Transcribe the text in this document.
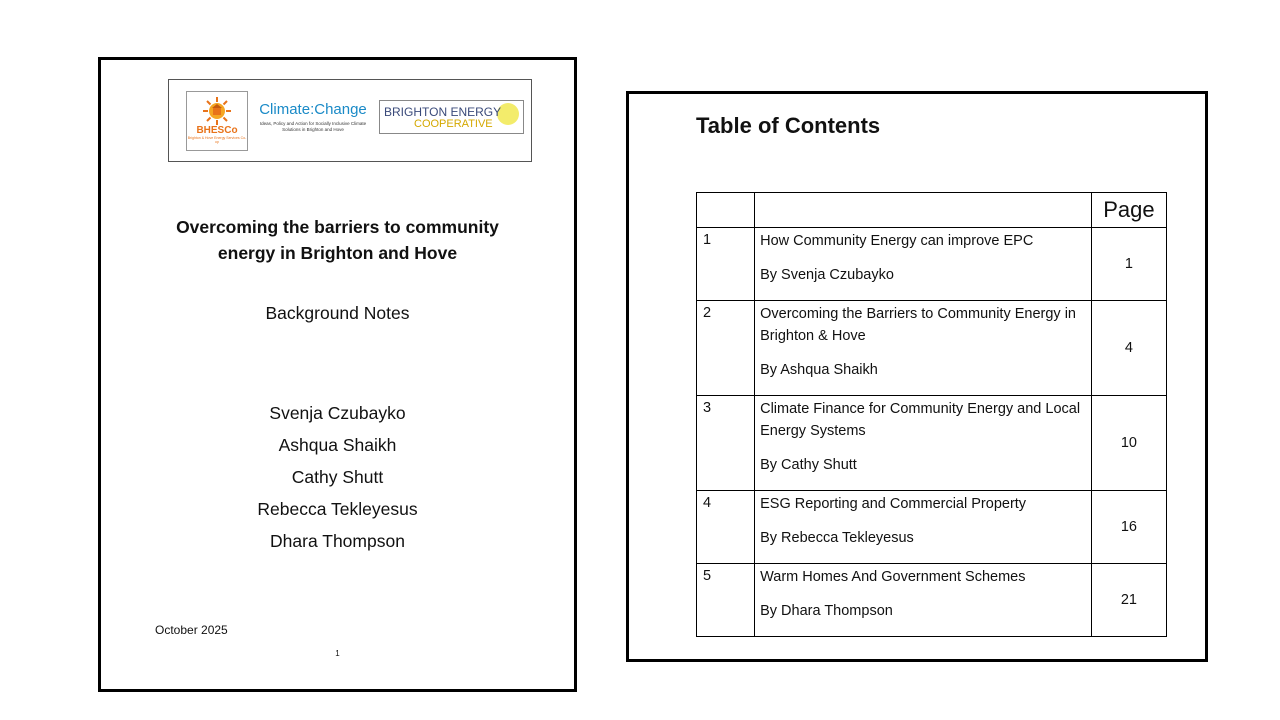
BHESCo
Brighton & Hove Energy Services Co-op
Climate:Change
Ideas, Policy and Action for Socially Inclusive Climate Solutions in Brighton and Hove
BRIGHTON ENERGY
COOPERATIVE
Overcoming the barriers to community energy in Brighton and Hove
Background Notes
Svenja Czubayko
Ashqua Shaikh
Cathy Shutt
Rebecca Tekleyesus
Dhara Thompson
October 2025
1
Table of Contents
		Page
1	How Community Energy can improve EPC
By Svenja Czubayko	1
2	Overcoming the Barriers to Community Energy in Brighton & Hove
By Ashqua Shaikh	4
3	Climate Finance for Community Energy and Local Energy Systems
By Cathy Shutt	10
4	ESG Reporting and Commercial Property
By Rebecca Tekleyesus	16
5	Warm Homes And Government Schemes
By Dhara Thompson	21
